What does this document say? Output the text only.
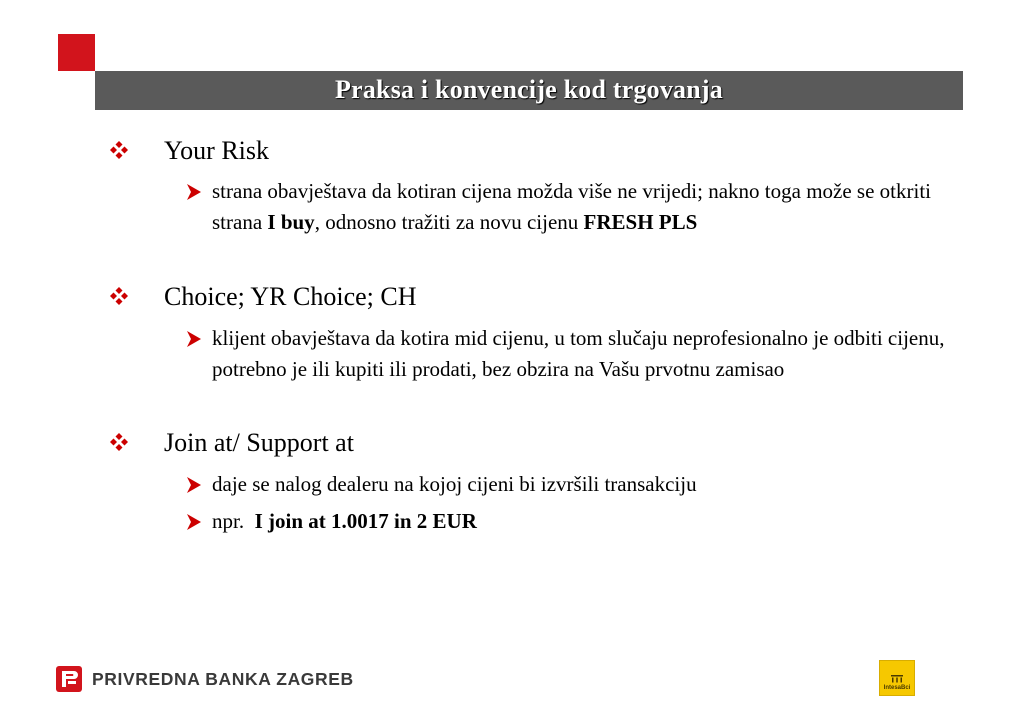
Praksa i konvencije kod trgovanja
Your Risk
strana obavještava da kotiran cijena možda više ne vrijedi; nakno toga može se otkriti strana I buy, odnosno tražiti za novu cijenu FRESH PLS
Choice; YR Choice; CH
klijent obavještava da kotira mid cijenu, u tom slučaju neprofesionalno je odbiti cijenu, potrebno je ili kupiti ili prodati, bez obzira na Vašu prvotnu zamisao
Join at/ Support at
daje se nalog dealeru na kojoj cijeni bi izvršili transakciju
npr.  I join at 1.0017 in 2 EUR
PRIVREDNA BANKA ZAGREB	IntesaBci
